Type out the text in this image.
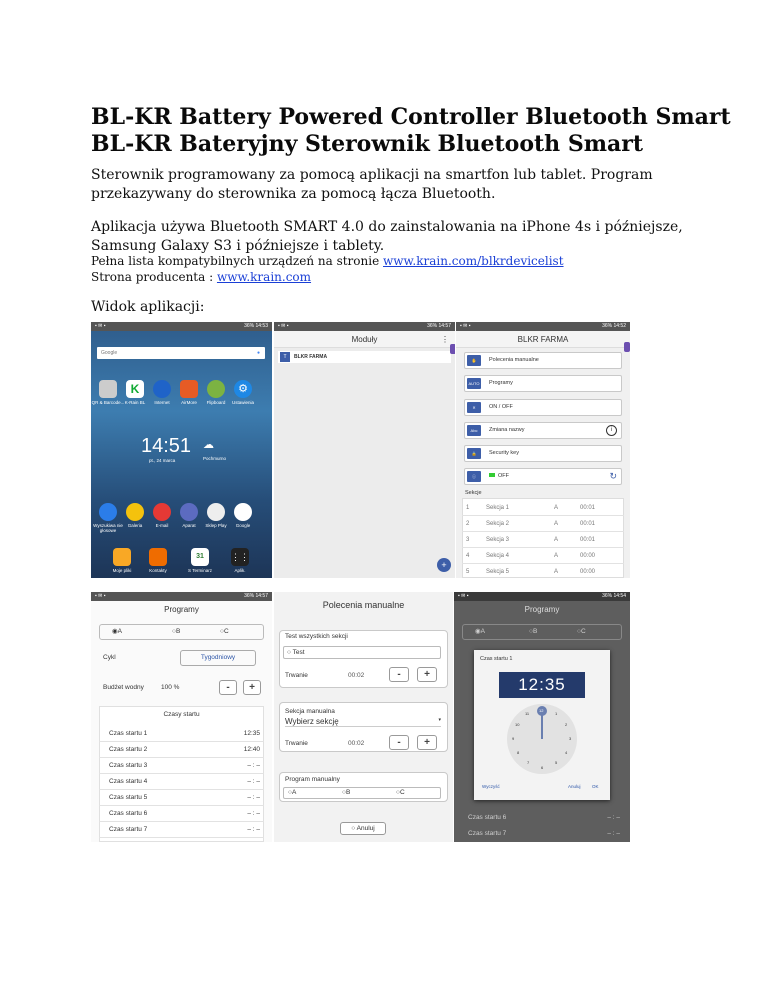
BL-KR Battery Powered Controller Bluetooth Smart
BL-KR Bateryjny Sterownik Bluetooth Smart
Sterownik programowany za pomocą aplikacji na smartfon lub tablet. Program
przekazywany do sterownika za pomocą łącza Bluetooth.
Aplikacja używa Bluetooth SMART 4.0 do zainstalowania na iPhone 4s i późniejsze,
Samsung Galaxy S3 i późniejsze i tablety.
Pełna lista kompatybilnych urządzeń na stronie www.krain.com/blkrdevicelist
Strona producenta : www.krain.com
Widok aplikacji:
▪ ✉ ▪	36% 14:53
Google	●
K	⚙
QR & Barcode... K-Rain BL	Internet	AirMore	Flipboard	Ustawienia
14:51
pt., 24 marca
☁
Pochmurno
Wyszukiwa nie głosowe
Galeria	E-mail	Aparat	Sklep Play	Google
31	⋮⋮
Moje pliki	Kontakty	S Terminarz	Aplik.
▪ ✉ ▪	36% 14:57
Moduły	⋮
T	BLKR FARMA
+
▪ ✉ ▪	36% 14:52
BLKR FARMA
✋	Polecenia manualne
AUTO Programy
✕	ON / OFF
Abc	Zmiana nazwy	i
🔒	Security key
ⓘ	OFF	↻
Sekcje
1	Sekcja 1	A	00:01
2	Sekcja 2	A	00:01
3	Sekcja 3	A	00:01
4	Sekcja 4	A	00:00
5	Sekcja 5	A	00:00
▪ ✉ ▪	36% 14:57
Programy
◉A	○B	○C
Cykl	Tygodniowy
Budżet wodny	100 %	-	+
Czasy startu
Czas startu 1	12:35
Czas startu 2	12:40
Czas startu 3	– : –
Czas startu 4	– : –
Czas startu 5	– : –
Czas startu 6	– : –
Czas startu 7	– : –
Polecenia manualne
Test wszystkich sekcji
○ Test
Trwanie	00:02	-	+
Sekcja manualna
Wybierz sekcję	▾
Trwanie	00:02	-	+
Program manualny
○A	○B	○C
○ Anuluj
▪ ✉ ▪	36% 14:54
Programy
◉A	○B	○C
Czas startu 1
12:35
12
1
2
3
4
5
6
7
8
9
10
11
Wyczyść	Anuluj	OK
Czas startu 6	– : –
Czas startu 7	– : –
